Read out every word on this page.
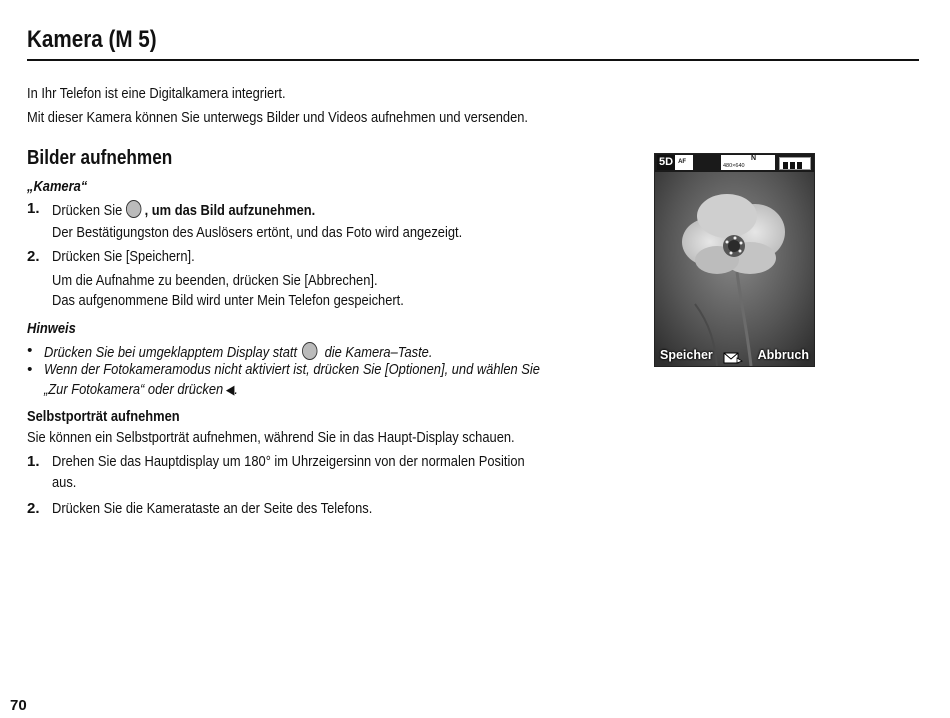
Kamera (M 5)
In Ihr Telefon ist eine Digitalkamera integriert.
Mit dieser Kamera können Sie unterwegs Bilder und Videos aufnehmen und versenden.
Bilder aufnehmen
„Kamera“
1. Drücken Sie , um das Bild aufzunehmen.
Der Bestätigungston des Auslösers ertönt, und das Foto wird angezeigt.
2. Drücken Sie [Speichern].
Um die Aufnahme zu beenden, drücken Sie [Abbrechen].
Das aufgenommene Bild wird unter Mein Telefon gespeichert.
Hinweis
• Drücken Sie bei umgeklapptem Display statt die Kamera–Taste.
• Wenn der Fotokameramodus nicht aktiviert ist, drücken Sie [Optionen], und wählen Sie
„Zur Fotokamera“ oder drücken ◀.
Selbstporträt aufnehmen
Sie können ein Selbstporträt aufnehmen, während Sie in das Haupt-Display schauen.
1. Drehen Sie das Hauptdisplay um 180° im Uhrzeigersinn von der normalen Position
aus.
2. Drücken Sie die Kamerataste an der Seite des Telefons.
5D AF	N
480×640
Speicher	Abbruch
70
